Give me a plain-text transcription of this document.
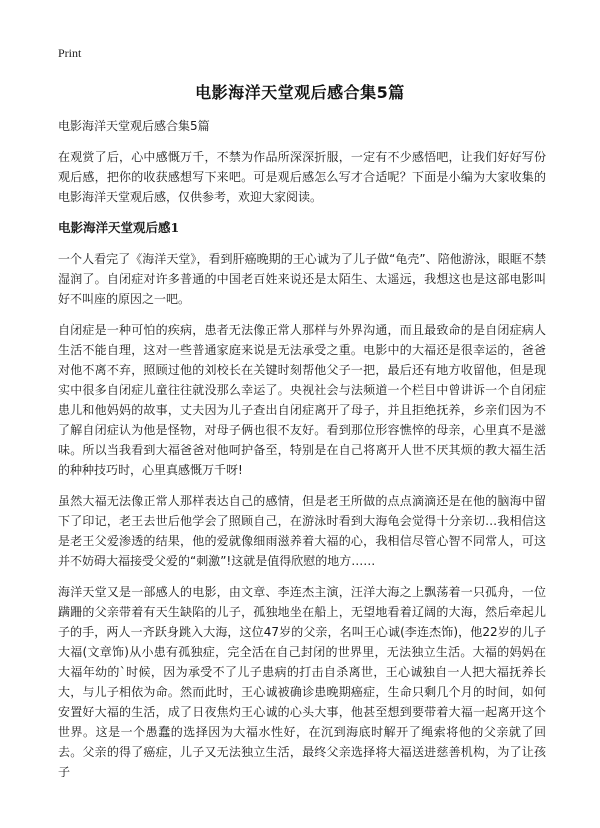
Print
电影海洋天堂观后感合集5篇

电影海洋天堂观后感合集5篇

在观赏了后，心中感慨万千，不禁为作品所深深折服，一定有不少感悟吧，让我们好好写份观后感，把你的收获感想写下来吧。可是观后感怎么写才合适呢？下面是小编为大家收集的电影海洋天堂观后感，仅供参考，欢迎大家阅读。

电影海洋天堂观后感1

一个人看完了《海洋天堂》，看到肝癌晚期的王心诚为了儿子做“龟壳”、陪他游泳，眼眶不禁湿润了。自闭症对许多普通的中国老百姓来说还是太陌生、太遥远，我想这也是这部电影叫好不叫座的原因之一吧。

自闭症是一种可怕的疾病，患者无法像正常人那样与外界沟通，而且最致命的是自闭症病人生活不能自理，这对一些普通家庭来说是无法承受之重。电影中的大福还是很幸运的，爸爸对他不离不弃，照顾过他的刘校长在关键时刻帮他父子一把，最后还有地方收留他，但是现实中很多自闭症儿童往往就没那么幸运了。央视社会与法频道一个栏目中曾讲诉一个自闭症患儿和他妈妈的故事，丈夫因为儿子查出自闭症离开了母子，并且拒绝抚养，乡亲们因为不了解自闭症认为他是怪物，对母子俩也很不友好。看到那位形容憔悴的母亲，心里真不是滋味。所以当我看到大福爸爸对他呵护备至，特别是在自己将离开人世不厌其烦的教大福生活的种种技巧时，心里真感慨万千呀!

虽然大福无法像正常人那样表达自己的感情，但是老王所做的点点滴滴还是在他的脑海中留下了印记，老王去世后他学会了照顾自己，在游泳时看到大海龟会觉得十分亲切…我相信这是老王父爱渗透的结果，他的爱就像细雨滋养着大福的心，我相信尽管心智不同常人，可这并不妨碍大福接受父爱的“刺激”!这就是值得欣慰的地方……

海洋天堂又是一部感人的电影，由文章、李连杰主演，汪洋大海之上飘荡着一只孤舟，一位蹒跚的父亲带着有天生缺陷的儿子，孤独地坐在船上，无望地看着辽阔的大海，然后牵起儿子的手，两人一齐跃身跳入大海，这位47岁的父亲，名叫王心诚(李连杰饰)，他22岁的儿子大福(文章饰)从小患有孤独症，完全活在自己封闭的世界里，无法独立生活。大福的妈妈在大福年幼的`时候，因为承受不了儿子患病的打击自杀离世，王心诚独自一人把大福抚养长大，与儿子相依为命。然而此时，王心诚被确诊患晚期癌症，生命只剩几个月的时间，如何安置好大福的生活，成了日夜焦灼王心诚的心头大事，他甚至想到要带着大福一起离开这个世界。这是一个愚蠢的选择因为大福水性好，在沉到海底时解开了绳索将他的父亲就了回去。父亲的得了癌症，儿子又无法独立生活，最终父亲选择将大福送进慈善机构，为了让孩子
